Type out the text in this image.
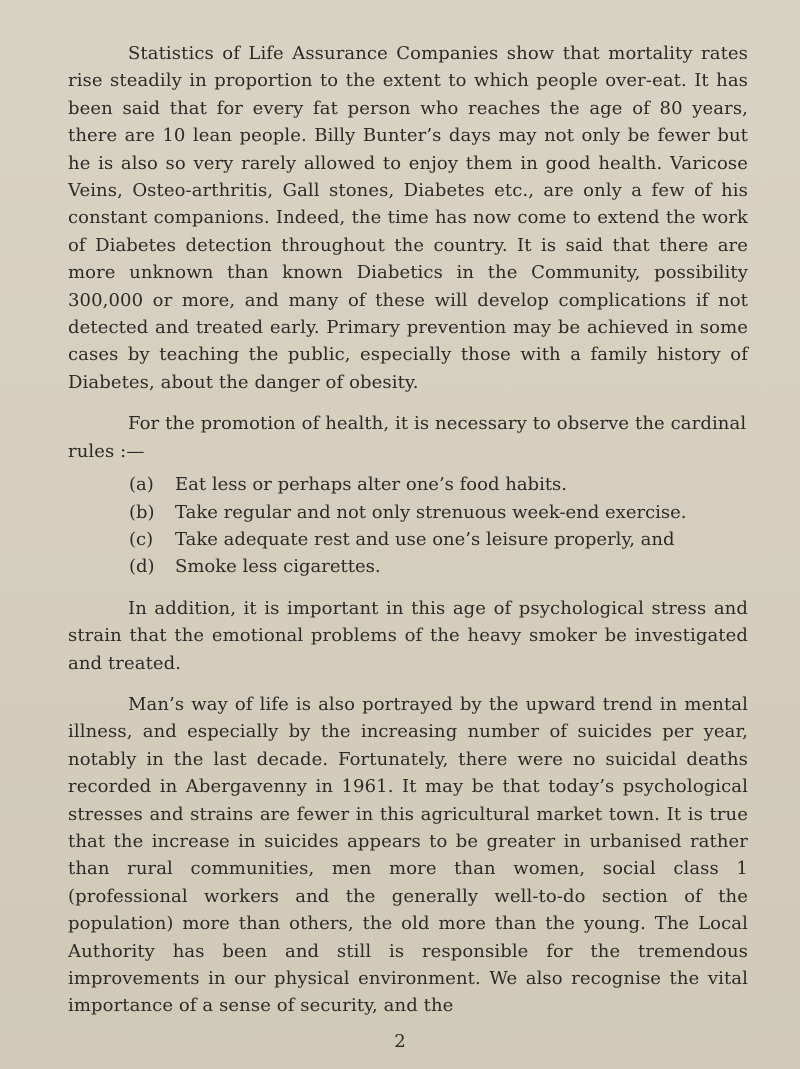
Statistics of Life Assurance Companies show that mortality rates rise steadily in proportion to the extent to which people over-eat. It has been said that for every fat person who reaches the age of 80 years, there are 10 lean people. Billy Bunter’s days may not only be fewer but he is also so very rarely allowed to enjoy them in good health. Varicose Veins, Osteo-arthritis, Gall stones, Diabetes etc., are only a few of his constant companions. Indeed, the time has now come to extend the work of Diabetes detection throughout the country. It is said that there are more unknown than known Diabetics in the Community, possibility 300,000 or more, and many of these will develop complications if not detected and treated early. Primary prevention may be achieved in some cases by teaching the public, especially those with a family history of Diabetes, about the danger of obesity.

For the promotion of health, it is necessary to observe the cardinal rules :—

(a)	Eat less or perhaps alter one’s food habits.
(b)	Take regular and not only strenuous week-end exercise.
(c)	Take adequate rest and use one’s leisure properly, and
(d)	Smoke less cigarettes.

In addition, it is important in this age of psychological stress and strain that the emotional problems of the heavy smoker be investigated and treated.

Man’s way of life is also portrayed by the upward trend in mental illness, and especially by the increasing number of suicides per year, notably in the last decade. Fortunately, there were no suicidal deaths recorded in Abergavenny in 1961. It may be that today’s psychological stresses and strains are fewer in this agricultural market town. It is true that the increase in suicides appears to be greater in urbanised rather than rural communities, men more than women, social class 1 (professional workers and the generally well-to-do section of the population) more than others, the old more than the young. The Local Authority has been and still is responsible for the tremendous improvements in our physical environment. We also recognise the vital importance of a sense of security, and the

2
